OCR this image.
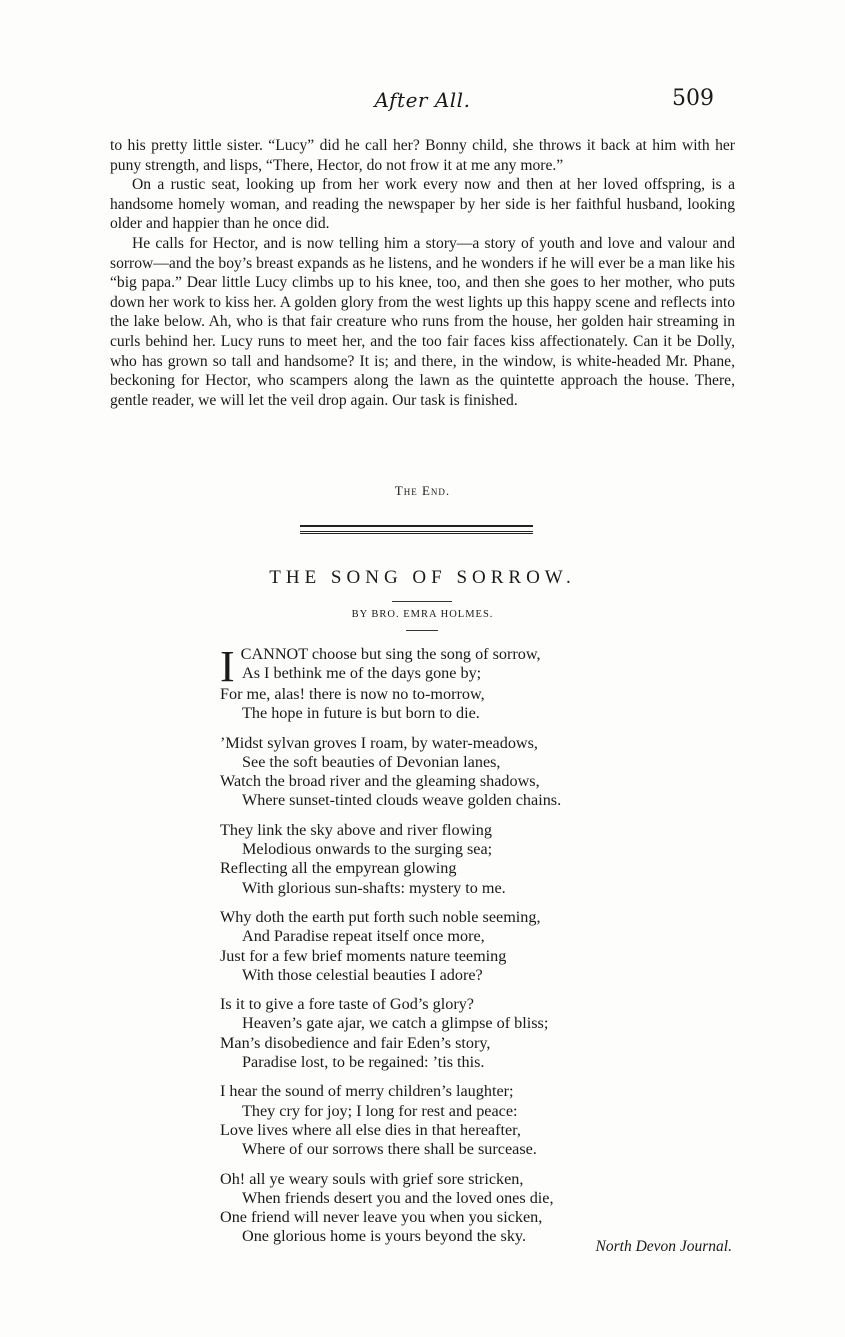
After All.	509

to his pretty little sister. “Lucy” did he call her? Bonny child, she throws it back at him with her puny strength, and lisps, “There, Hector, do not frow it at me any more.”

On a rustic seat, looking up from her work every now and then at her loved offspring, is a handsome homely woman, and reading the newspaper by her side is her faithful husband, looking older and happier than he once did.

He calls for Hector, and is now telling him a story—a story of youth and love and valour and sorrow—and the boy’s breast expands as he listens, and he wonders if he will ever be a man like his “big papa.” Dear little Lucy climbs up to his knee, too, and then she goes to her mother, who puts down her work to kiss her. A golden glory from the west lights up this happy scene and reflects into the lake below. Ah, who is that fair creature who runs from the house, her golden hair streaming in curls behind her. Lucy runs to meet her, and the too fair faces kiss affectionately. Can it be Dolly, who has grown so tall and handsome? It is; and there, in the window, is white-headed Mr. Phane, beckoning for Hector, who scampers along the lawn as the quintette approach the house. There, gentle reader, we will let the veil drop again. Our task is finished.

The End.
THE SONG OF SORROW.
BY BRO. EMRA HOLMES.
I CANNOT choose but sing the song of sorrow,
As I bethink me of the days gone by;
For me, alas! there is now no to-morrow,
The hope in future is but born to die.
’Midst sylvan groves I roam, by water-meadows,
See the soft beauties of Devonian lanes,
Watch the broad river and the gleaming shadows,
Where sunset-tinted clouds weave golden chains.
They link the sky above and river flowing
Melodious onwards to the surging sea;
Reflecting all the empyrean glowing
With glorious sun-shafts: mystery to me.
Why doth the earth put forth such noble seeming,
And Paradise repeat itself once more,
Just for a few brief moments nature teeming
With those celestial beauties I adore?
Is it to give a fore taste of God’s glory?
Heaven’s gate ajar, we catch a glimpse of bliss;
Man’s disobedience and fair Eden’s story,
Paradise lost, to be regained: ’tis this.
I hear the sound of merry children’s laughter;
They cry for joy; I long for rest and peace:
Love lives where all else dies in that hereafter,
Where of our sorrows there shall be surcease.
Oh! all ye weary souls with grief sore stricken,
When friends desert you and the loved ones die,
One friend will never leave you when you sicken,
One glorious home is yours beyond the sky.
North Devon Journal.
